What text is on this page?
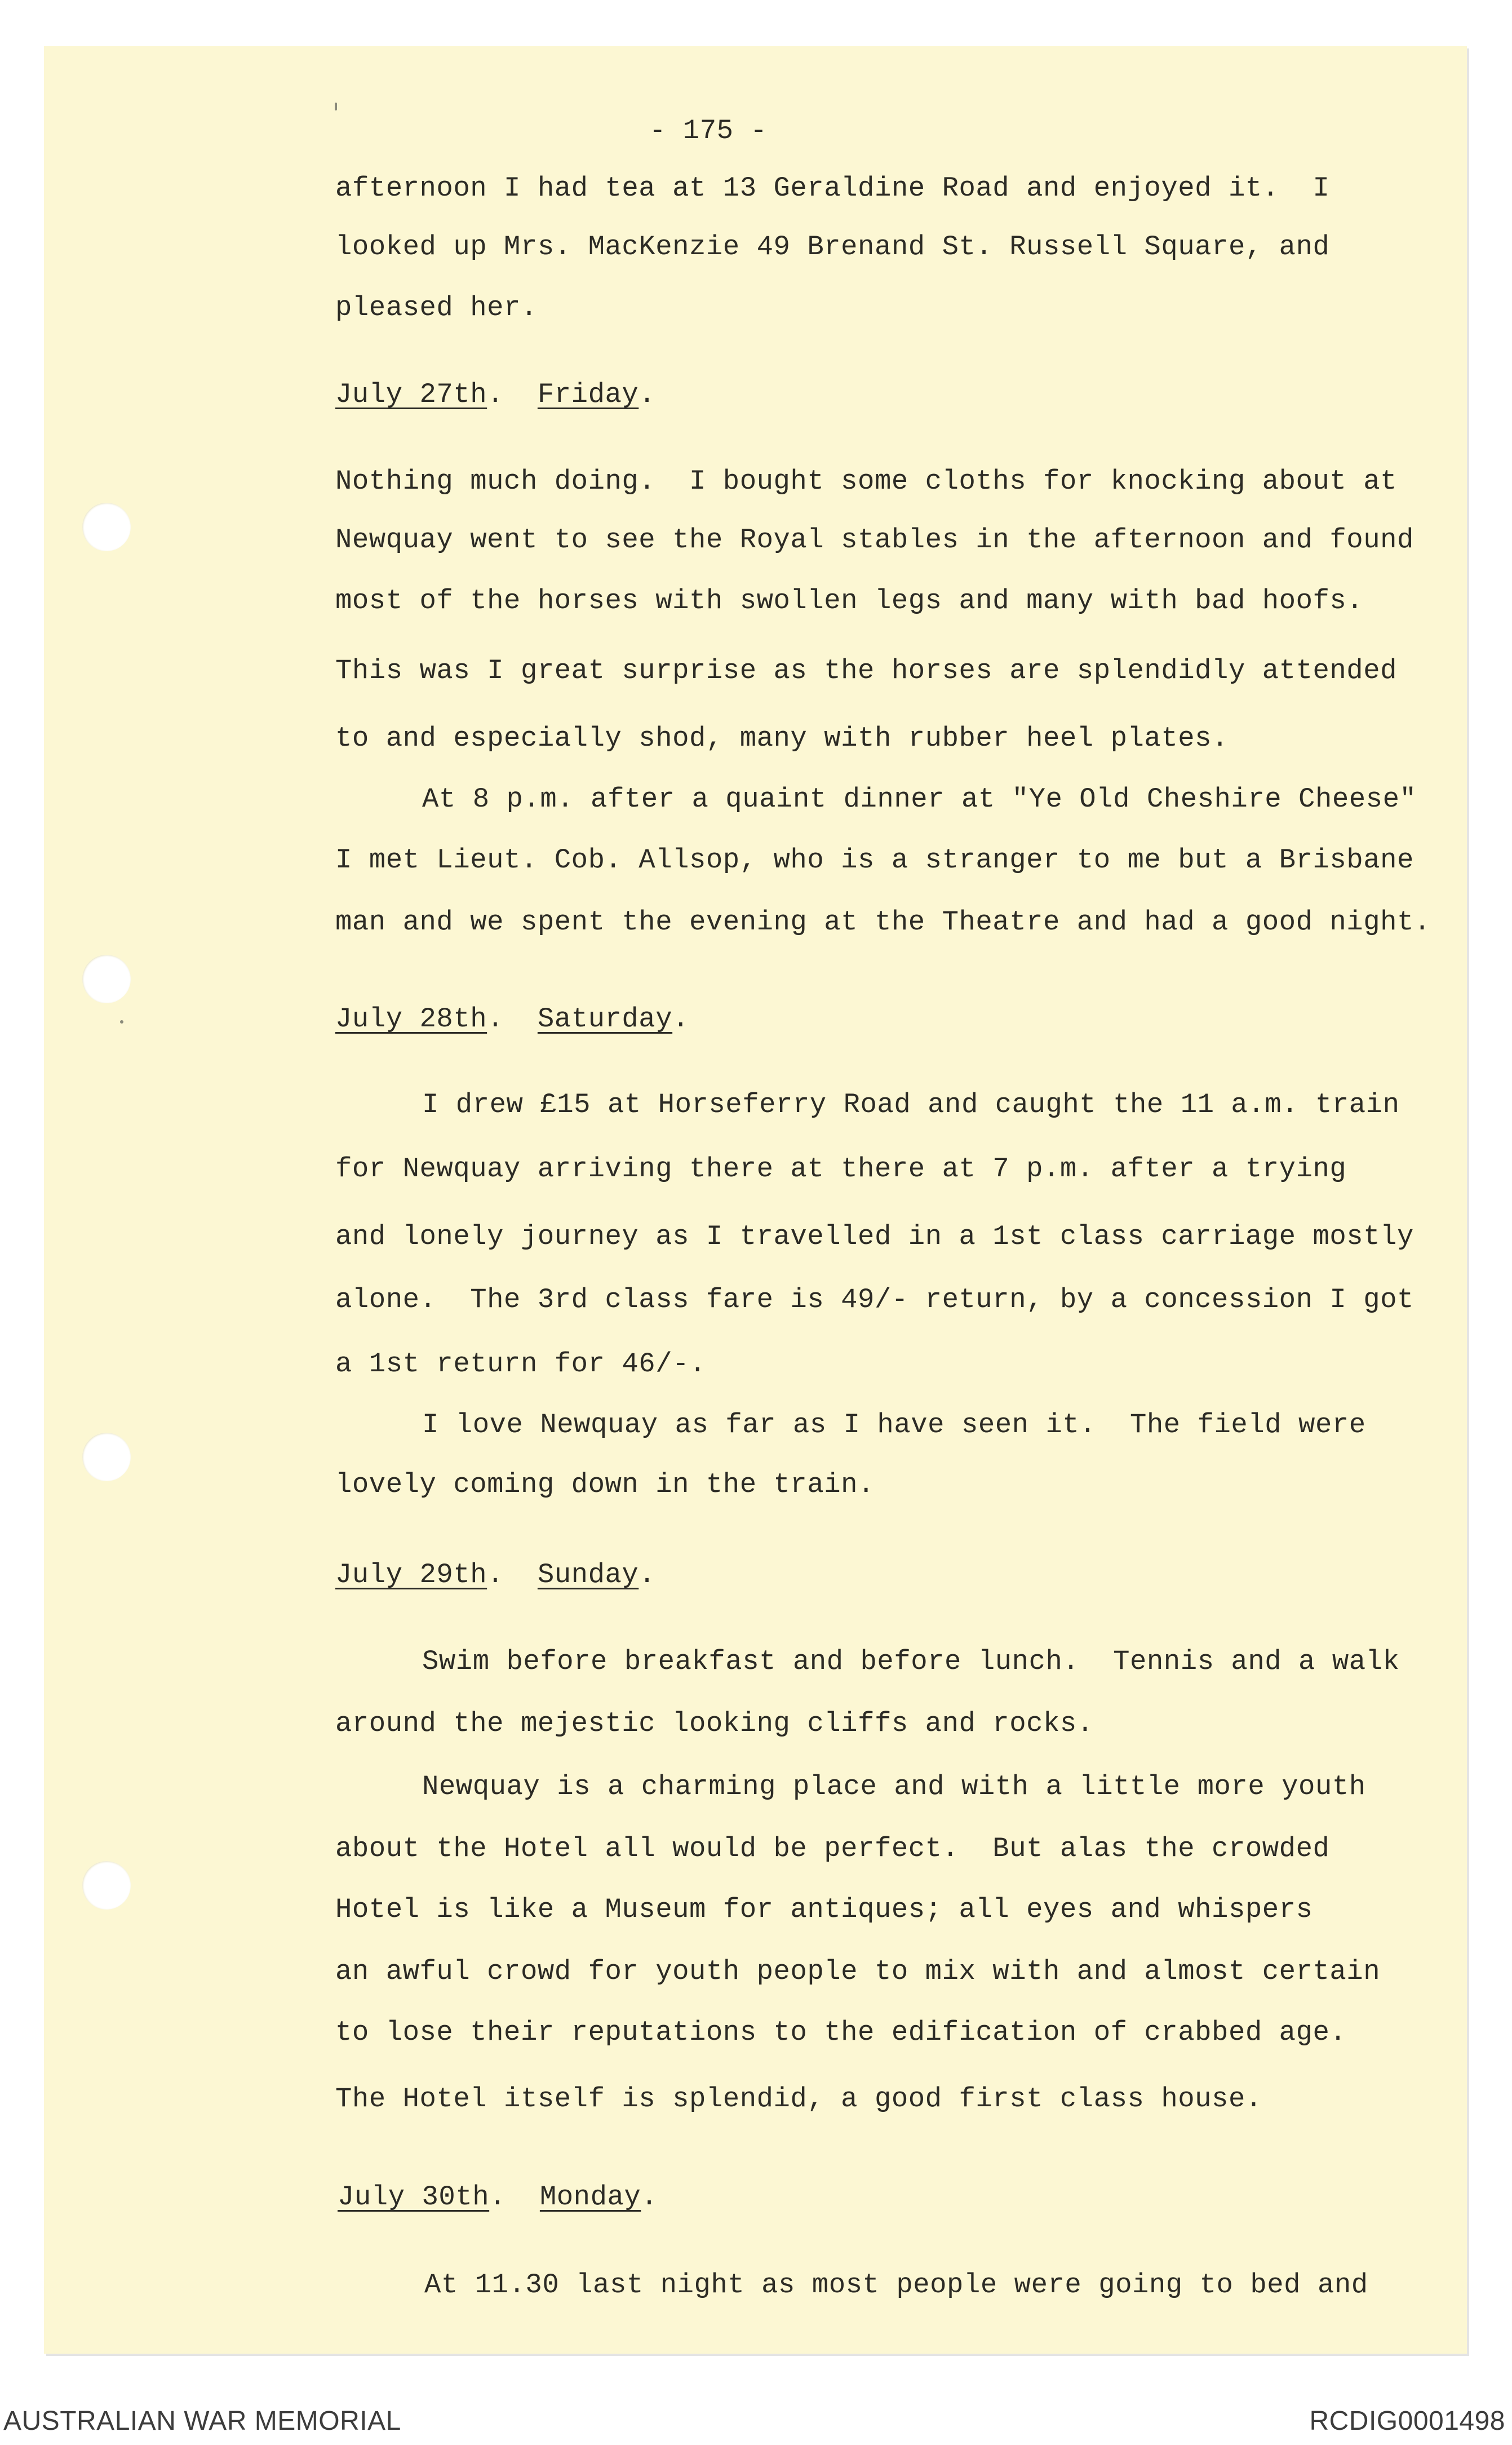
- 175 -
afternoon I had tea at 13 Geraldine Road and enjoyed it.  I
looked up Mrs. MacKenzie 49 Brenand St. Russell Square, and
pleased her.
July 27th.  Friday.
Nothing much doing.  I bought some cloths for knocking about at
Newquay went to see the Royal stables in the afternoon and found
most of the horses with swollen legs and many with bad hoofs.
This was I great surprise as the horses are splendidly attended
to and especially shod, many with rubber heel plates.
At 8 p.m. after a quaint dinner at "Ye Old Cheshire Cheese"
I met Lieut. Cob. Allsop, who is a stranger to me but a Brisbane
man and we spent the evening at the Theatre and had a good night.
July 28th.  Saturday.
I drew £15 at Horseferry Road and caught the 11 a.m. train
for Newquay arriving there at there at 7 p.m. after a trying
and lonely journey as I travelled in a 1st class carriage mostly
alone.  The 3rd class fare is 49/- return, by a concession I got
a 1st return for 46/-.
I love Newquay as far as I have seen it.  The field were
lovely coming down in the train.
July 29th.  Sunday.
Swim before breakfast and before lunch.  Tennis and a walk
around the mejestic looking cliffs and rocks.
Newquay is a charming place and with a little more youth
about the Hotel all would be perfect.  But alas the crowded
Hotel is like a Museum for antiques; all eyes and whispers
an awful crowd for youth people to mix with and almost certain
to lose their reputations to the edification of crabbed age.
The Hotel itself is splendid, a good first class house.
July 30th.  Monday.
At 11.30 last night as most people were going to bed and
AUSTRALIAN WAR MEMORIAL	RCDIG0001498
